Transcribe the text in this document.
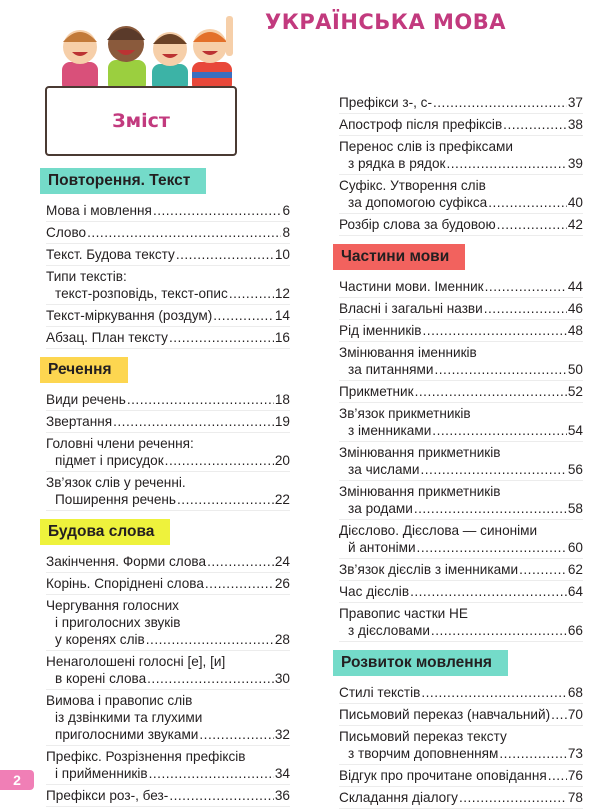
УКРАЇНСЬКА МОВА
Зміст
Повторення. Текст

Мова і мовлення .....	6
Слово .....	8
Текст. Будова тексту .....	10
Типи текстів:
текст-розповідь, текст-опис .....	12
Текст-міркування (роздум) .....	14
Абзац. План тексту .....	16
Речення

Види речень .....	18
Звертання .....	19
Головні члени речення:
підмет і присудок .....	20
Зв’язок слів у реченні.
Поширення речень .....	22
Будова слова

Закінчення. Форми слова .....	24
Корінь. Споріднені слова .....	26
Чергування голосних
і приголосних звуків
у коренях слів .....	28
Ненаголошені голосні [е], [и]
в корені слова .....	30
Вимова і правопис слів
із дзвінкими та глухими
приголосними звуками .....	32
Префікс. Розрізнення префіксів
і прийменників .....	34
Префікси роз-, без- .....	36
Префікси з-, с- .....	37
Апостроф після префіксів .....	38
Перенос слів із префіксами
з рядка в рядок .....	39
Суфікс. Утворення слів
за допомогою суфікса .....	40
Розбір слова за будовою .....	42
Частини мови

Частини мови. Іменник .....	44
Власні і загальні назви .....	46
Рід іменників .....	48
Змінювання іменників
за питаннями .....	50
Прикметник .....	52
Зв’язок прикметників
з іменниками .....	54
Змінювання прикметників
за числами .....	56
Змінювання прикметників
за родами .....	58
Дієслово. Дієслова — синоніми
й антоніми .....	60
Зв’язок дієслів з іменниками .....	62
Час дієслів .....	64
Правопис частки НЕ
з дієсловами .....	66
Розвиток мовлення

Стилі текстів .....	68
Письмовий переказ (навчальний) ..... 70
Письмовий переказ тексту
з творчим доповненням .....	73
Відгук про прочитане оповідання ..... 76
Складання діалогу .....	78
2
